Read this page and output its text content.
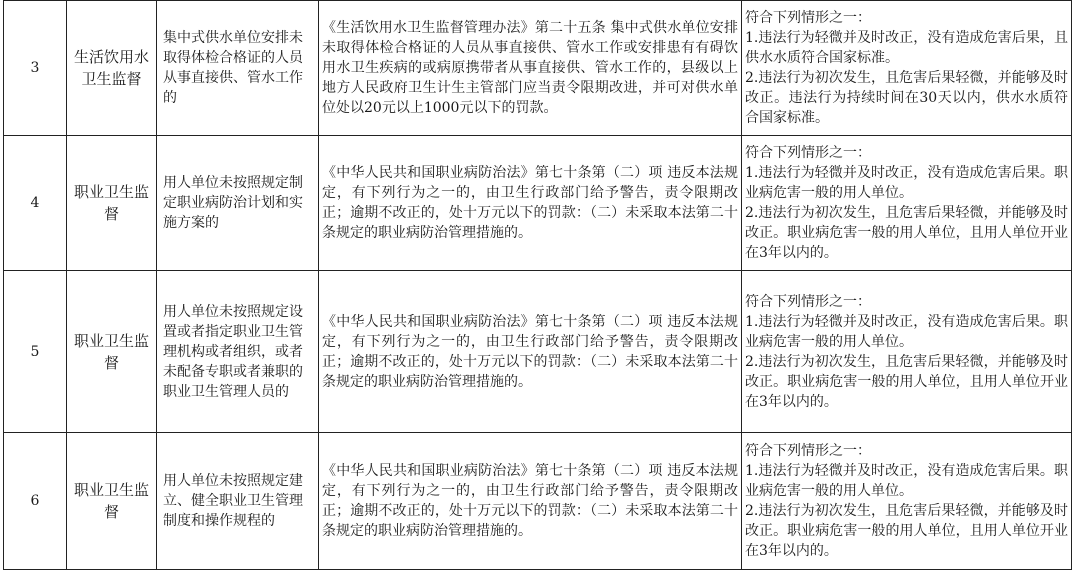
3	生活饮用水卫生监督	集中式供水单位安排未取得体检合格证的人员从事直接供、管水工作的	《生活饮用水卫生监督管理办法》第二十五条 集中式供水单位安排未取得体检合格证的人员从事直接供、管水工作或安排患有有碍饮用水卫生疾病的或病原携带者从事直接供、管水工作的，县级以上地方人民政府卫生计生主管部门应当责令限期改进，并可对供水单位处以20元以上1000元以下的罚款。	符合下列情形之一：
1.违法行为轻微并及时改正，没有造成危害后果，且供水水质符合国家标准。
2.违法行为初次发生，且危害后果轻微，并能够及时改正。违法行为持续时间在30天以内，供水水质符合国家标准。

4	职业卫生监督	用人单位未按照规定制定职业病防治计划和实施方案的	《中华人民共和国职业病防治法》第七十条第（二）项 违反本法规定，有下列行为之一的，由卫生行政部门给予警告，责令限期改正；逾期不改正的，处十万元以下的罚款：（二）未采取本法第二十条规定的职业病防治管理措施的。	符合下列情形之一：
1.违法行为轻微并及时改正，没有造成危害后果。职业病危害一般的用人单位。
2.违法行为初次发生，且危害后果轻微，并能够及时改正。职业病危害一般的用人单位，且用人单位开业在3年以内的。

5	职业卫生监督	用人单位未按照规定设置或者指定职业卫生管理机构或者组织，或者未配备专职或者兼职的职业卫生管理人员的	《中华人民共和国职业病防治法》第七十条第（二）项 违反本法规定，有下列行为之一的，由卫生行政部门给予警告，责令限期改正；逾期不改正的，处十万元以下的罚款：（二）未采取本法第二十条规定的职业病防治管理措施的。	符合下列情形之一：
1.违法行为轻微并及时改正，没有造成危害后果。职业病危害一般的用人单位。
2.违法行为初次发生，且危害后果轻微，并能够及时改正。职业病危害一般的用人单位，且用人单位开业在3年以内的。

6	职业卫生监督	用人单位未按照规定建立、健全职业卫生管理制度和操作规程的	《中华人民共和国职业病防治法》第七十条第（二）项 违反本法规定，有下列行为之一的，由卫生行政部门给予警告，责令限期改正；逾期不改正的，处十万元以下的罚款：（二）未采取本法第二十条规定的职业病防治管理措施的。	符合下列情形之一：
1.违法行为轻微并及时改正，没有造成危害后果。职业病危害一般的用人单位。
2.违法行为初次发生，且危害后果轻微，并能够及时改正。职业病危害一般的用人单位，且用人单位开业在3年以内的。
